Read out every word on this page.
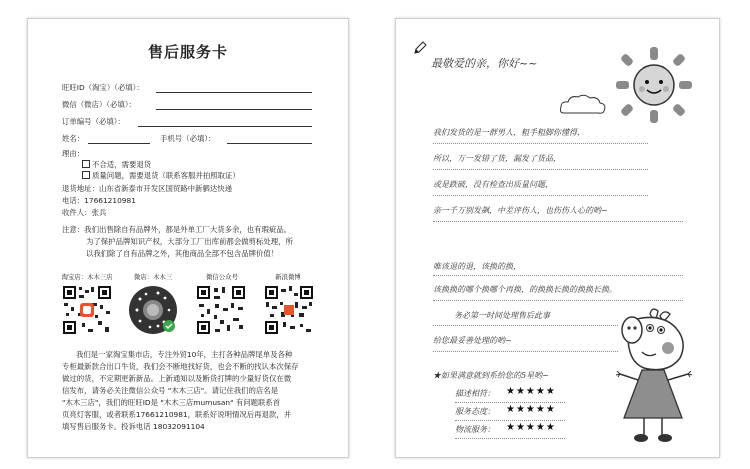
售后服务卡
旺旺ID（淘宝）（必填）：
微信（微店）（必填）：
订单编号（必填）：
姓名：	手机号（必填）：
理由：
不合适，需要退货
质量问题，需要退货（联系客服并拍照取证）
退货地址：山东省新泰市开发区国贸路中新驷达快递
电话：17661210981
收件人：张兵
注意：我们出售除自有品牌外，都是外单工厂大货多余，也有瑕疵品。
为了保护品牌知识产权，大部分工厂出库前都会做剪标处理，所
以我们除了自有品牌之外，其他商品全部不包含品牌价值！
淘宝店：木木三店	微店：木木三	微信公众号	新浪微博
我们是一家淘宝集市店，专注外贸10年，主打各种品牌尾单及各种
专柜最新款合出口牛货，我们会不断地找好货，也会不断的找认本次保存
做过的货，不定期更新新品。上新通知以及断货打牌的少量好货仅在微
信发布，请务必关注微信公众号 "木木三店"。请记住我们的店名是
"木木三店"，我们的旺旺ID是 "木木三店mumusan" 有问题联系首
页亮灯客服，或者联系17661210981，联系好说明情况后再退款，并
填写售后服务卡。投诉电话 18032091104
最敬爱的亲，你好~~
我们发货的是一群男人，粗手粗脚你懂得，
所以，万一发错了货，漏发了货品，
或是跌破，没有检查出质量问题，
亲一千万别发飙，中差评伤人，也伤伤人心的哟~
唯该退的退，该换的换，
该换换的哪个换哪个再换，的换换长换的换换长换。
务必第一时间处理售后此事
给您最妥善处理的哟~
★如果满意就到系给您的5星哟~
描述相符： ★★★★★
服务态度： ★★★★★
物流服务： ★★★★★
